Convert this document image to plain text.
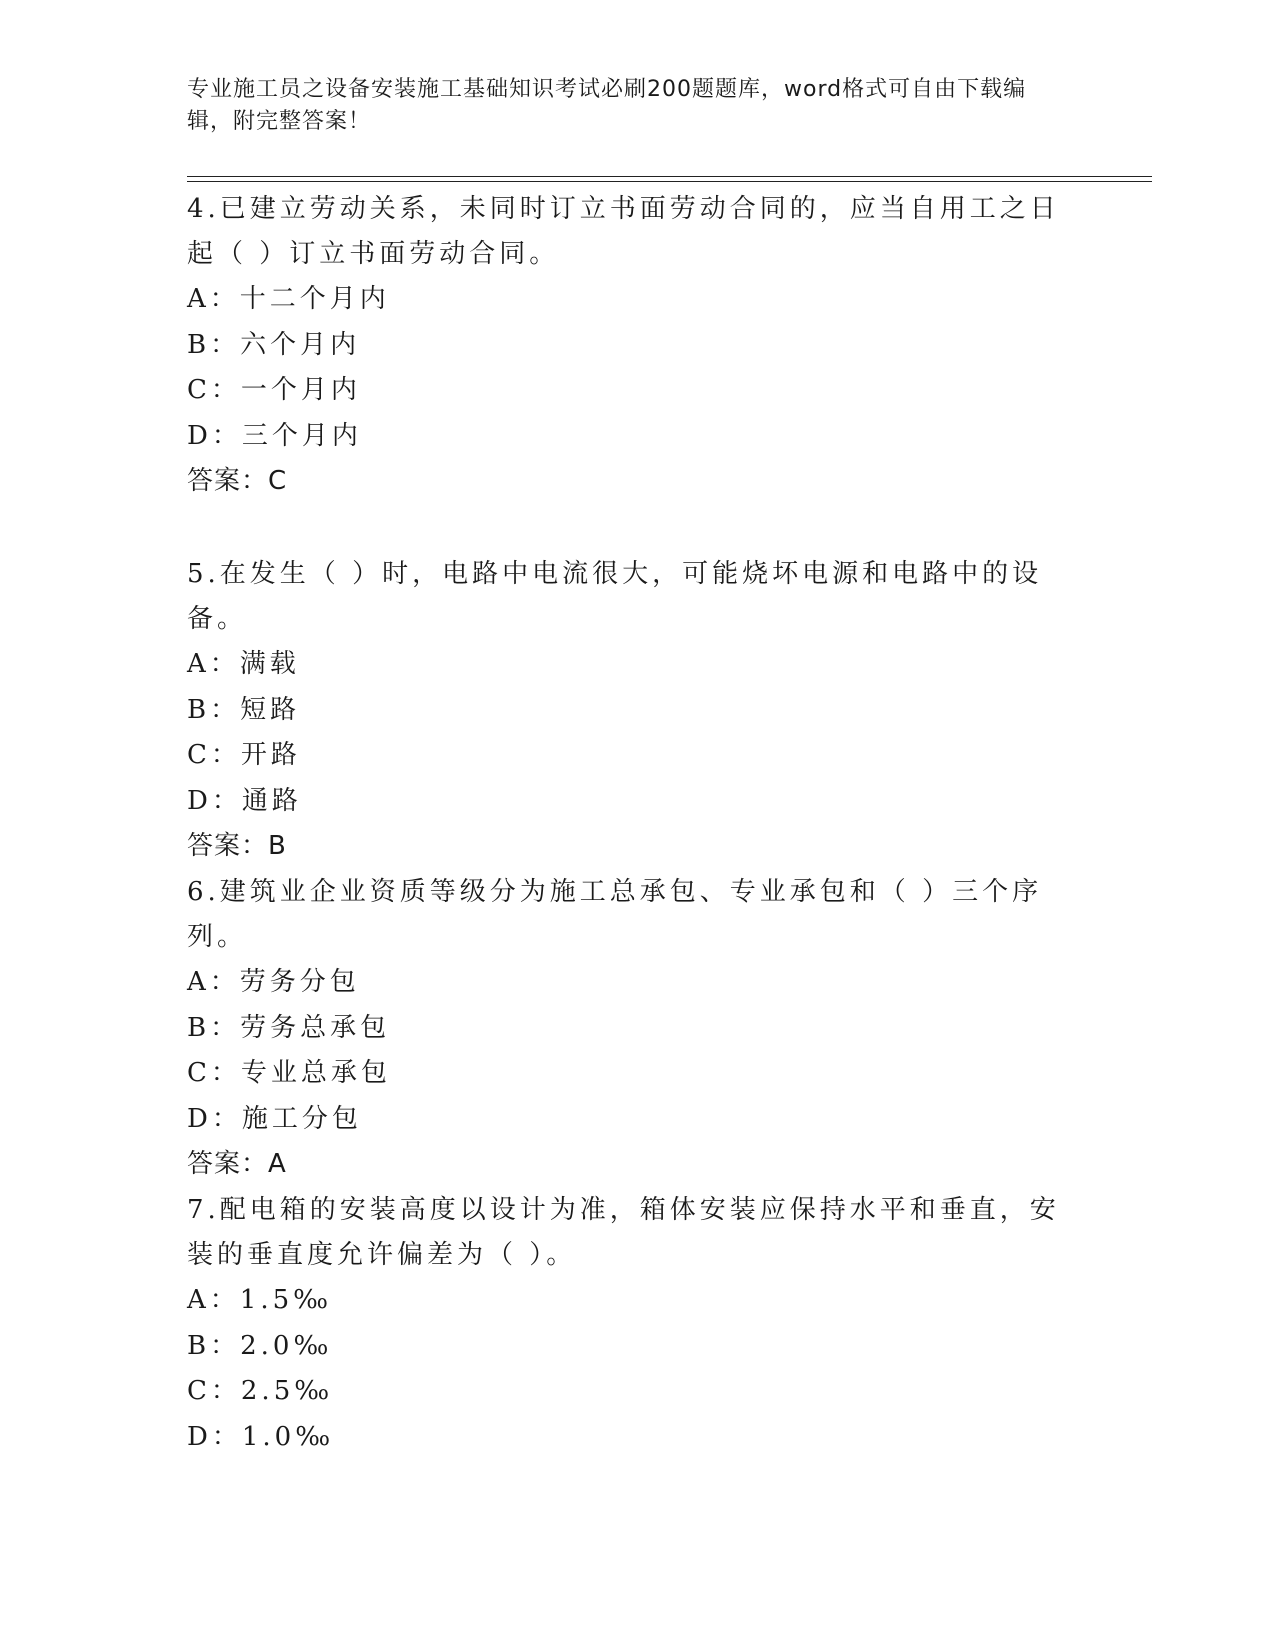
专业施工员之设备安装施工基础知识考试必刷200题题库，word格式可自由下载编辑，附完整答案！
4.已建立劳动关系，未同时订立书面劳动合同的，应当自用工之日起（ ）订立书面劳动合同。
A：十二个月内
B：六个月内
C：一个月内
D：三个月内
答案：C
5.在发生（ ）时，电路中电流很大，可能烧坏电源和电路中的设备。
A：满载
B：短路
C：开路
D：通路
答案：B
6.建筑业企业资质等级分为施工总承包、专业承包和（ ）三个序列。
A：劳务分包
B：劳务总承包
C：专业总承包
D：施工分包
答案：A
7.配电箱的安装高度以设计为准，箱体安装应保持水平和垂直，安装的垂直度允许偏差为（ ）。
A：1.5‰
B：2.0‰
C：2.5‰
D：1.0‰
